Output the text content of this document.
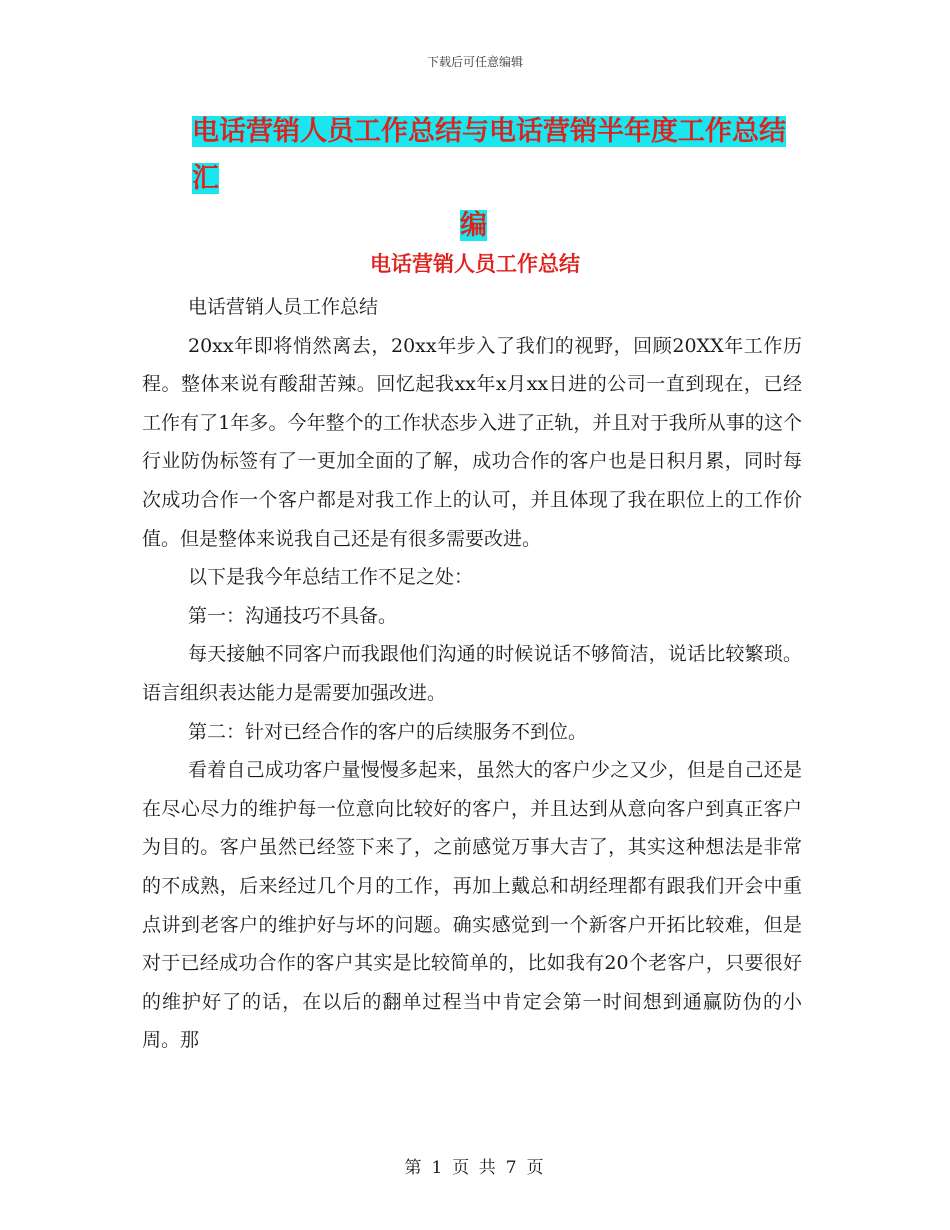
下载后可任意编辑
电话营销人员工作总结与电话营销半年度工作总结汇
编
电话营销人员工作总结

电话营销人员工作总结

20xx年即将悄然离去，20xx年步入了我们的视野，回顾20XX年工作历程。整体来说有酸甜苦辣。回忆起我xx年x月xx日进的公司一直到现在，已经工作有了1年多。今年整个的工作状态步入进了正轨，并且对于我所从事的这个行业防伪标签有了一更加全面的了解，成功合作的客户也是日积月累，同时每次成功合作一个客户都是对我工作上的认可，并且体现了我在职位上的工作价值。但是整体来说我自己还是有很多需要改进。

以下是我今年总结工作不足之处：

第一：沟通技巧不具备。

每天接触不同客户而我跟他们沟通的时候说话不够简洁，说话比较繁琐。语言组织表达能力是需要加强改进。

第二：针对已经合作的客户的后续服务不到位。

看着自己成功客户量慢慢多起来，虽然大的客户少之又少，但是自己还是在尽心尽力的维护每一位意向比较好的客户，并且达到从意向客户到真正客户为目的。客户虽然已经签下来了，之前感觉万事大吉了，其实这种想法是非常的不成熟，后来经过几个月的工作，再加上戴总和胡经理都有跟我们开会中重点讲到老客户的维护好与坏的问题。确实感觉到一个新客户开拓比较难，但是对于已经成功合作的客户其实是比较简单的，比如我有20个老客户，只要很好的维护好了的话，在以后的翻单过程当中肯定会第一时间想到通赢防伪的小周。那

第 1 页 共 7 页
